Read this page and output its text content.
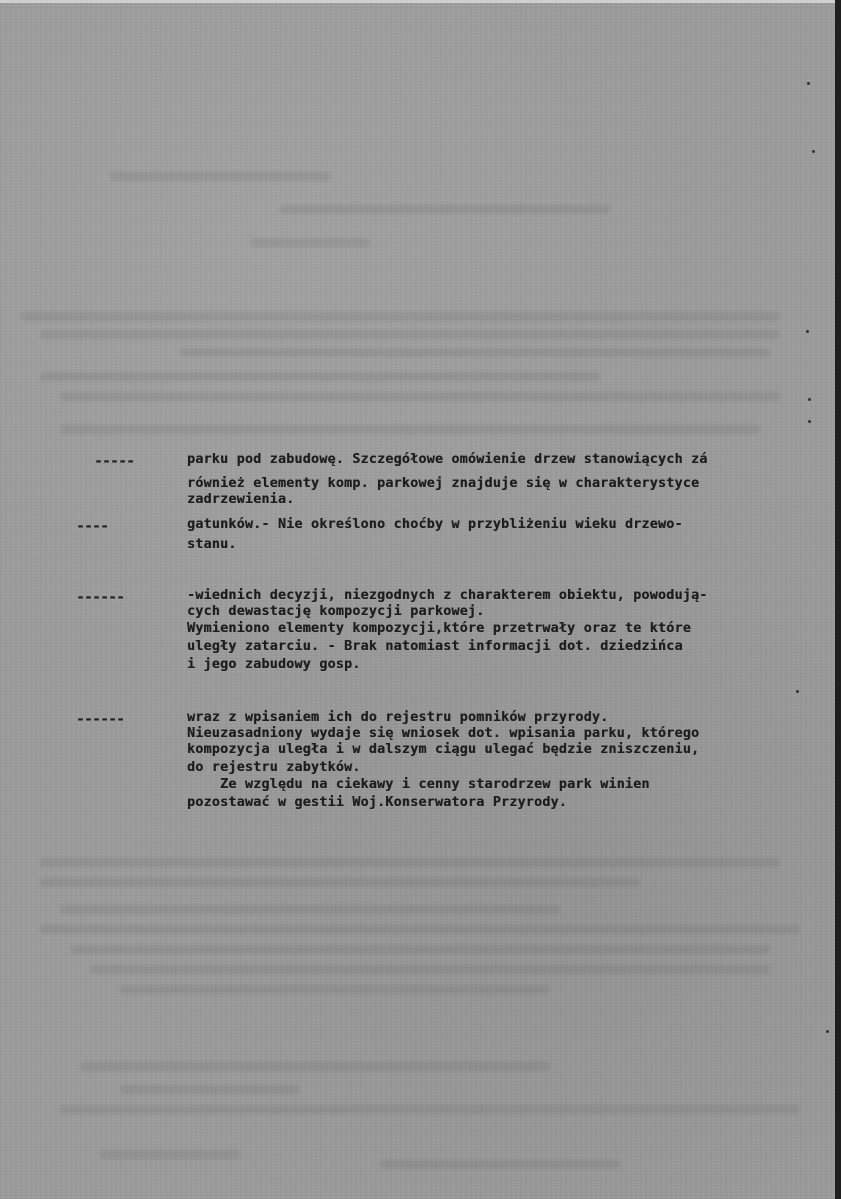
-----	parku pod zabudowę. Szczegółowe omówienie drzew stanowiących zá
również elementy komp. parkowej znajduje się w charakterystyce
zadrzewienia.
----	gatunków.- Nie określono choćby w przybliżeniu wieku drzewo-
stanu.
------	-wiednich decyzji, niezgodnych z charakterem obiektu, powodują-
cych dewastację kompozycji parkowej.
Wymieniono elementy kompozycji,które przetrwały oraz te które
uległy zatarciu. - Brak natomiast informacji dot. dziedzińca
i jego zabudowy gosp.
------	wraz z wpisaniem ich do rejestru pomników przyrody.
Nieuzasadniony wydaje się wniosek dot. wpisania parku, którego
kompozycja uległa i w dalszym ciągu ulegać będzie zniszczeniu,
do rejestru zabytków.
Ze względu na ciekawy i cenny starodrzew park winien
pozostawać w gestii Woj.Konserwatora Przyrody.
